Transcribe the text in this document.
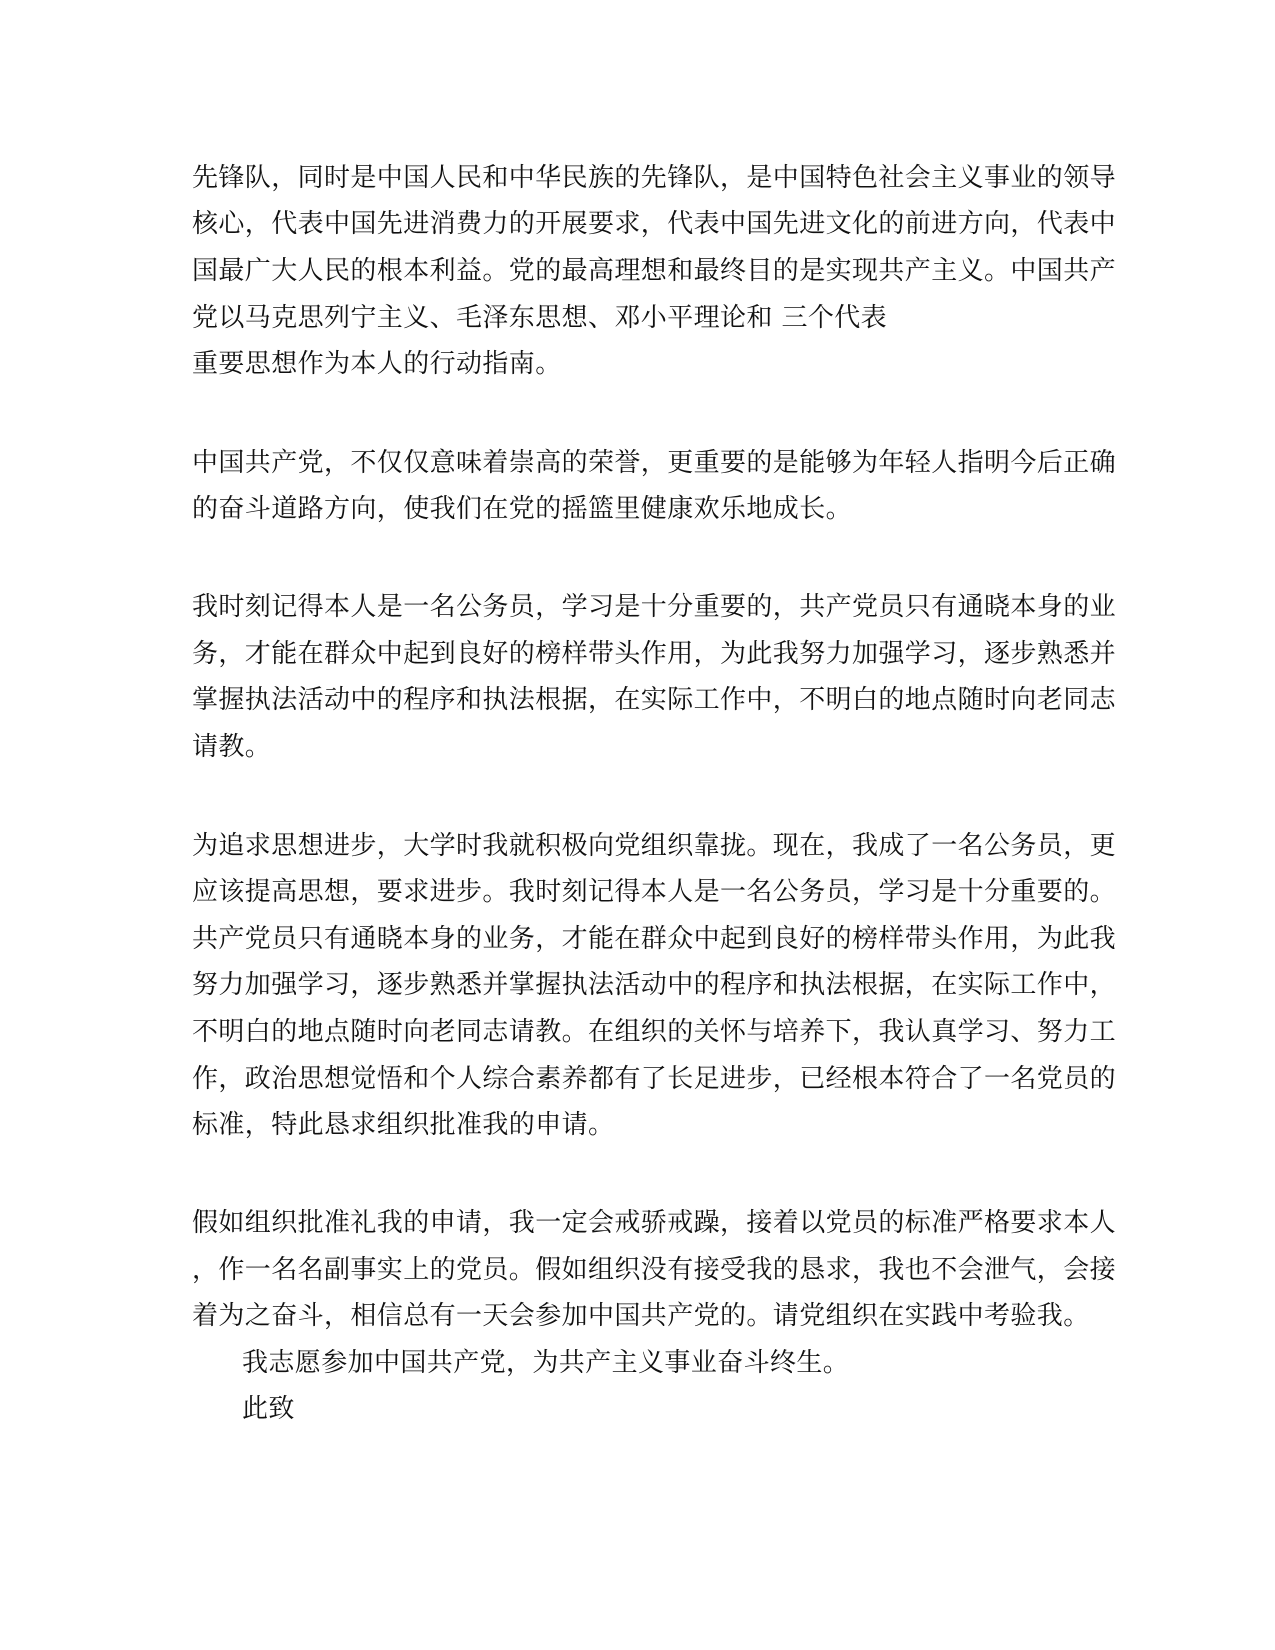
先锋队，同时是中国人民和中华民族的先锋队，是中国特色社会主义事业的领导
核心，代表中国先进消费力的开展要求，代表中国先进文化的前进方向，代表中
国最广大人民的根本利益。党的最高理想和最终目的是实现共产主义。中国共产
党以马克思列宁主义、毛泽东思想、邓小平理论和 三个代表
重要思想作为本人的行动指南。
中国共产党，不仅仅意味着崇高的荣誉，更重要的是能够为年轻人指明今后正确
的奋斗道路方向，使我们在党的摇篮里健康欢乐地成长。
我时刻记得本人是一名公务员，学习是十分重要的，共产党员只有通晓本身的业
务，才能在群众中起到良好的榜样带头作用，为此我努力加强学习，逐步熟悉并
掌握执法活动中的程序和执法根据，在实际工作中，不明白的地点随时向老同志
请教。
为追求思想进步，大学时我就积极向党组织靠拢。现在，我成了一名公务员，更
应该提高思想，要求进步。我时刻记得本人是一名公务员，学习是十分重要的。
共产党员只有通晓本身的业务，才能在群众中起到良好的榜样带头作用，为此我
努力加强学习，逐步熟悉并掌握执法活动中的程序和执法根据，在实际工作中，
不明白的地点随时向老同志请教。在组织的关怀与培养下，我认真学习、努力工
作，政治思想觉悟和个人综合素养都有了长足进步，已经根本符合了一名党员的
标准，特此恳求组织批准我的申请。
假如组织批准礼我的申请，我一定会戒骄戒躁，接着以党员的标准严格要求本人
，作一名名副事实上的党员。假如组织没有接受我的恳求，我也不会泄气，会接
着为之奋斗，相信总有一天会参加中国共产党的。请党组织在实践中考验我。
我志愿参加中国共产党，为共产主义事业奋斗终生。
此致
